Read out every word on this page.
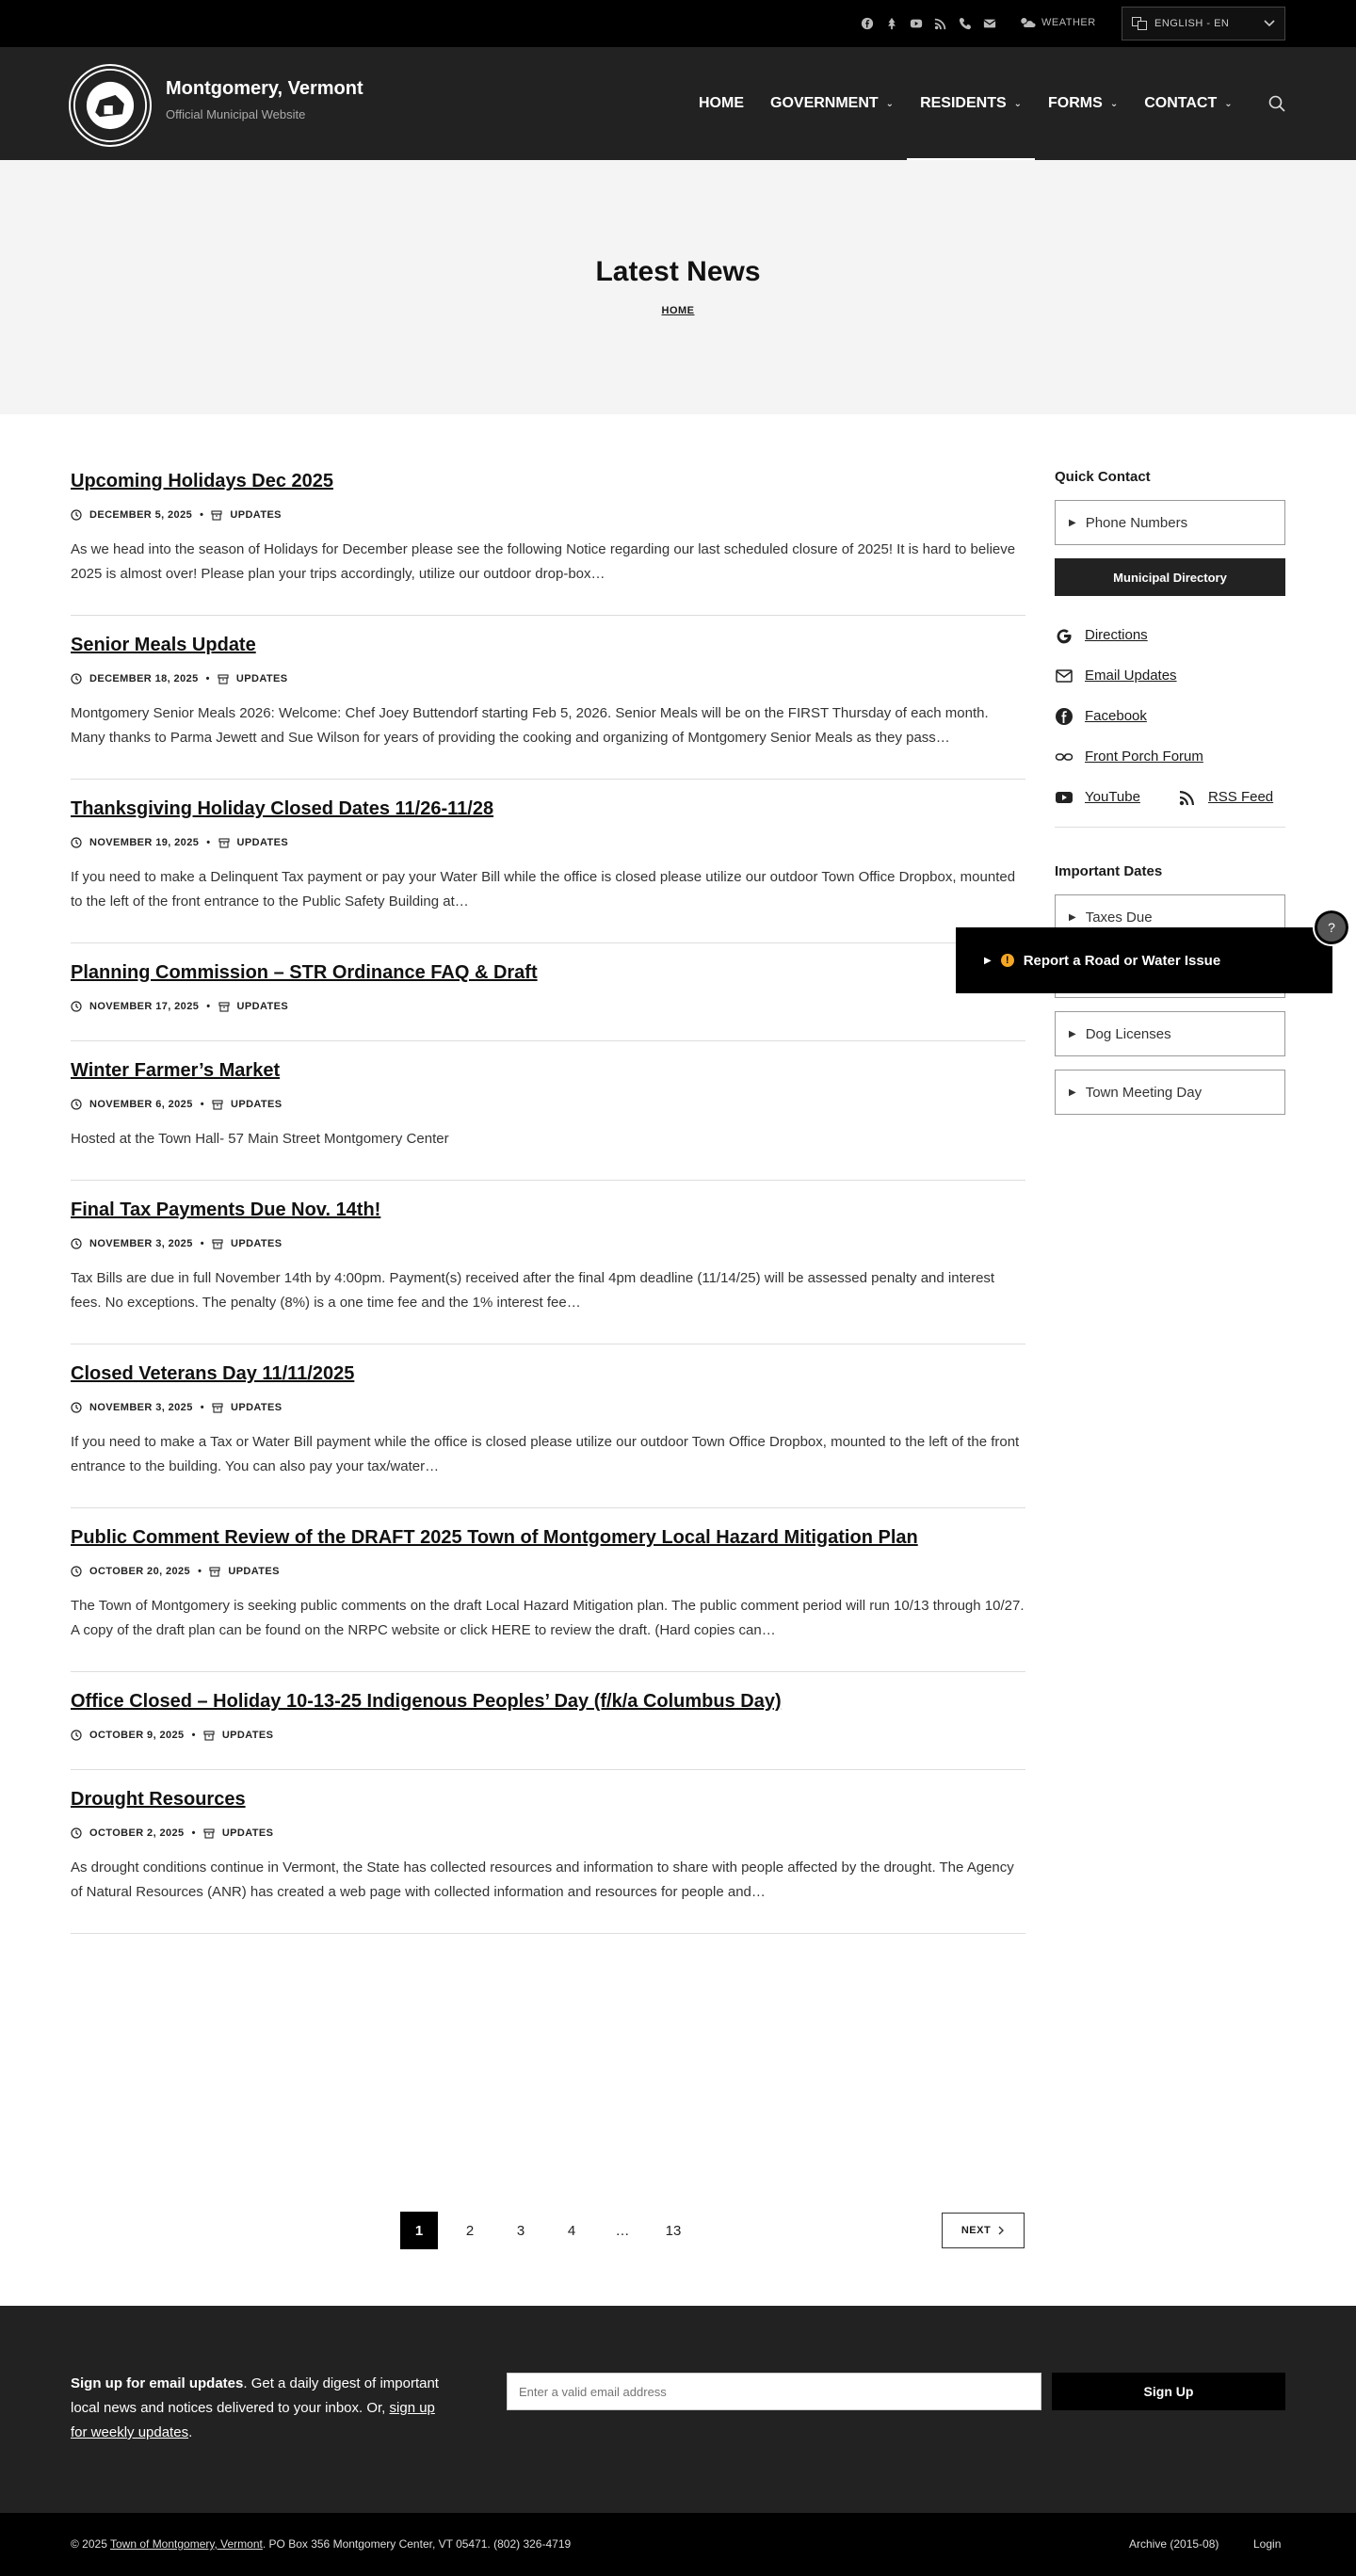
WEATHER	ENGLISH - EN
Montgomery, Vermont
Official Municipal Website
HOME GOVERNMENT ⌄ RESIDENTS ⌄ FORMS ⌄ CONTACT ⌄
Latest News
HOME
Upcoming Holidays Dec 2025
DECEMBER 5, 2025 •	UPDATES
As we head into the season of Holidays for December please see the following Notice regarding our last scheduled closure of 2025! It is hard to believe 2025 is almost over! Please plan your trips accordingly, utilize our outdoor drop-box…
Senior Meals Update
DECEMBER 18, 2025 •	UPDATES
Montgomery Senior Meals 2026: Welcome: Chef Joey Buttendorf starting Feb 5, 2026. Senior Meals will be on the FIRST Thursday of each month. Many thanks to Parma Jewett and Sue Wilson for years of providing the cooking and organizing of Montgomery Senior Meals as they pass…
Thanksgiving Holiday Closed Dates 11/26-11/28
NOVEMBER 19, 2025 •	UPDATES
If you need to make a Delinquent Tax payment or pay your Water Bill while the office is closed please utilize our outdoor Town Office Dropbox, mounted to the left of the front entrance to the Public Safety Building at…
Planning Commission – STR Ordinance FAQ & Draft
NOVEMBER 17, 2025 •	UPDATES
Winter Farmer’s Market
NOVEMBER 6, 2025 •	UPDATES
Hosted at the Town Hall- 57 Main Street Montgomery Center
Final Tax Payments Due Nov. 14th!
NOVEMBER 3, 2025 •	UPDATES
Tax Bills are due in full November 14th by 4:00pm. Payment(s) received after the final 4pm deadline (11/14/25) will be assessed penalty and interest fees. No exceptions. The penalty (8%) is a one time fee and the 1% interest fee…
Closed Veterans Day 11/11/2025
NOVEMBER 3, 2025 •	UPDATES
If you need to make a Tax or Water Bill payment while the office is closed please utilize our outdoor Town Office Dropbox, mounted to the left of the front entrance to the building. You can also pay your tax/water…
Public Comment Review of the DRAFT 2025 Town of Montgomery Local Hazard Mitigation Plan
OCTOBER 20, 2025 •	UPDATES
The Town of Montgomery is seeking public comments on the draft Local Hazard Mitigation plan. The public comment period will run 10/13 through 10/27. A copy of the draft plan can be found on the NRPC website or click HERE to review the draft. (Hard copies can…
Office Closed – Holiday 10-13-25 Indigenous Peoples’ Day (f/k/a Columbus Day)
OCTOBER 9, 2025 •	UPDATES
Drought Resources
OCTOBER 2, 2025 •	UPDATES
As drought conditions continue in Vermont, the State has collected resources and information to share with people affected by the drought. The Agency of Natural Resources (ANR) has created a web page with collected information and resources for people and…
1	2	3	4	…	13	NEXT
Quick Contact
▶ Phone Numbers
Municipal Directory
Directions
Email Updates
Facebook
Front Porch Forum
YouTube	RSS Feed
Important Dates
▶ Taxes Due
▶ Dog Licenses
▶ Town Meeting Day
▶	!	Report a Road or Water Issue
?
Sign up for email updates. Get a daily digest of important local news and notices delivered to your inbox. Or, sign up for weekly updates.
Enter a valid email address
Sign Up
© 2025 Town of Montgomery, Vermont. PO Box 356 Montgomery Center, VT 05471. (802) 326-4719	Archive (2015-08)	Login
